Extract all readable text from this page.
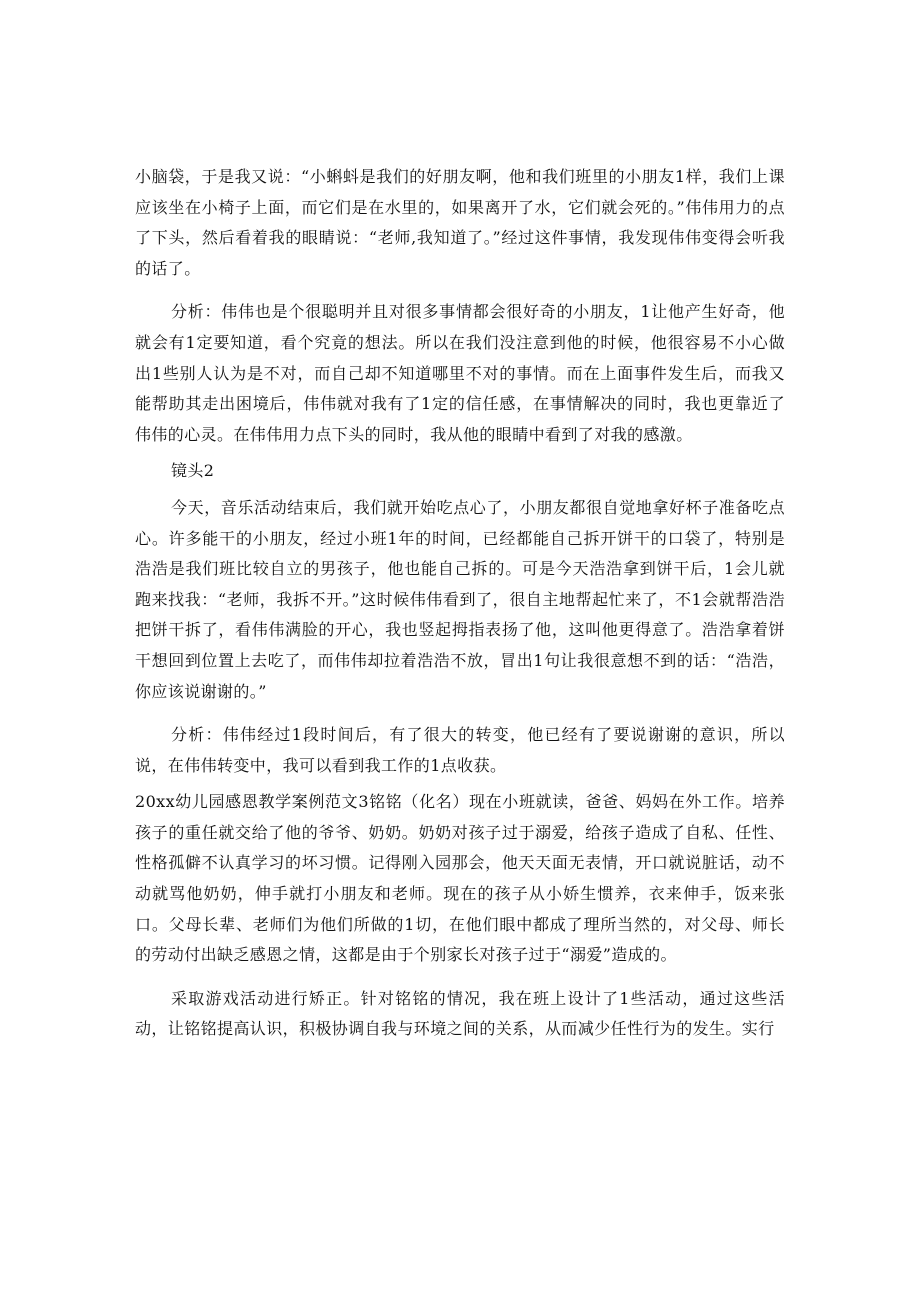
小脑袋，于是我又说：“小蝌蚪是我们的好朋友啊，他和我们班里的小朋友1样，我们上课应该坐在小椅子上面，而它们是在水里的，如果离开了水，它们就会死的。”伟伟用力的点了下头，然后看着我的眼睛说：“老师,我知道了。”经过这件事情，我发现伟伟变得会听我的话了。

分析：伟伟也是个很聪明并且对很多事情都会很好奇的小朋友，1让他产生好奇，他就会有1定要知道，看个究竟的想法。所以在我们没注意到他的时候，他很容易不小心做出1些别人认为是不对，而自己却不知道哪里不对的事情。而在上面事件发生后，而我又能帮助其走出困境后，伟伟就对我有了1定的信任感，在事情解决的同时，我也更靠近了伟伟的心灵。在伟伟用力点下头的同时，我从他的眼睛中看到了对我的感激。

镜头2

今天，音乐活动结束后，我们就开始吃点心了，小朋友都很自觉地拿好杯子准备吃点心。许多能干的小朋友，经过小班1年的时间，已经都能自己拆开饼干的口袋了，特别是浩浩是我们班比较自立的男孩子，他也能自己拆的。可是今天浩浩拿到饼干后，1会儿就跑来找我：“老师，我拆不开。”这时候伟伟看到了，很自主地帮起忙来了，不1会就帮浩浩把饼干拆了，看伟伟满脸的开心，我也竖起拇指表扬了他，这叫他更得意了。浩浩拿着饼干想回到位置上去吃了，而伟伟却拉着浩浩不放，冒出1句让我很意想不到的话：“浩浩，你应该说谢谢的。”

分析：伟伟经过1段时间后，有了很大的转变，他已经有了要说谢谢的意识，所以说，在伟伟转变中，我可以看到我工作的1点收获。

20xx幼儿园感恩教学案例范文3铭铭（化名）现在小班就读，爸爸、妈妈在外工作。培养孩子的重任就交给了他的爷爷、奶奶。奶奶对孩子过于溺爱，给孩子造成了自私、任性、性格孤僻不认真学习的坏习惯。记得刚入园那会，他天天面无表情，开口就说脏话，动不动就骂他奶奶，伸手就打小朋友和老师。现在的孩子从小娇生惯养，衣来伸手，饭来张口。父母长辈、老师们为他们所做的1切，在他们眼中都成了理所当然的，对父母、师长的劳动付出缺乏感恩之情，这都是由于个别家长对孩子过于“溺爱”造成的。

采取游戏活动进行矫正。针对铭铭的情况，我在班上设计了1些活动，通过这些活动，让铭铭提高认识，积极协调自我与环境之间的关系，从而减少任性行为的发生。实行
